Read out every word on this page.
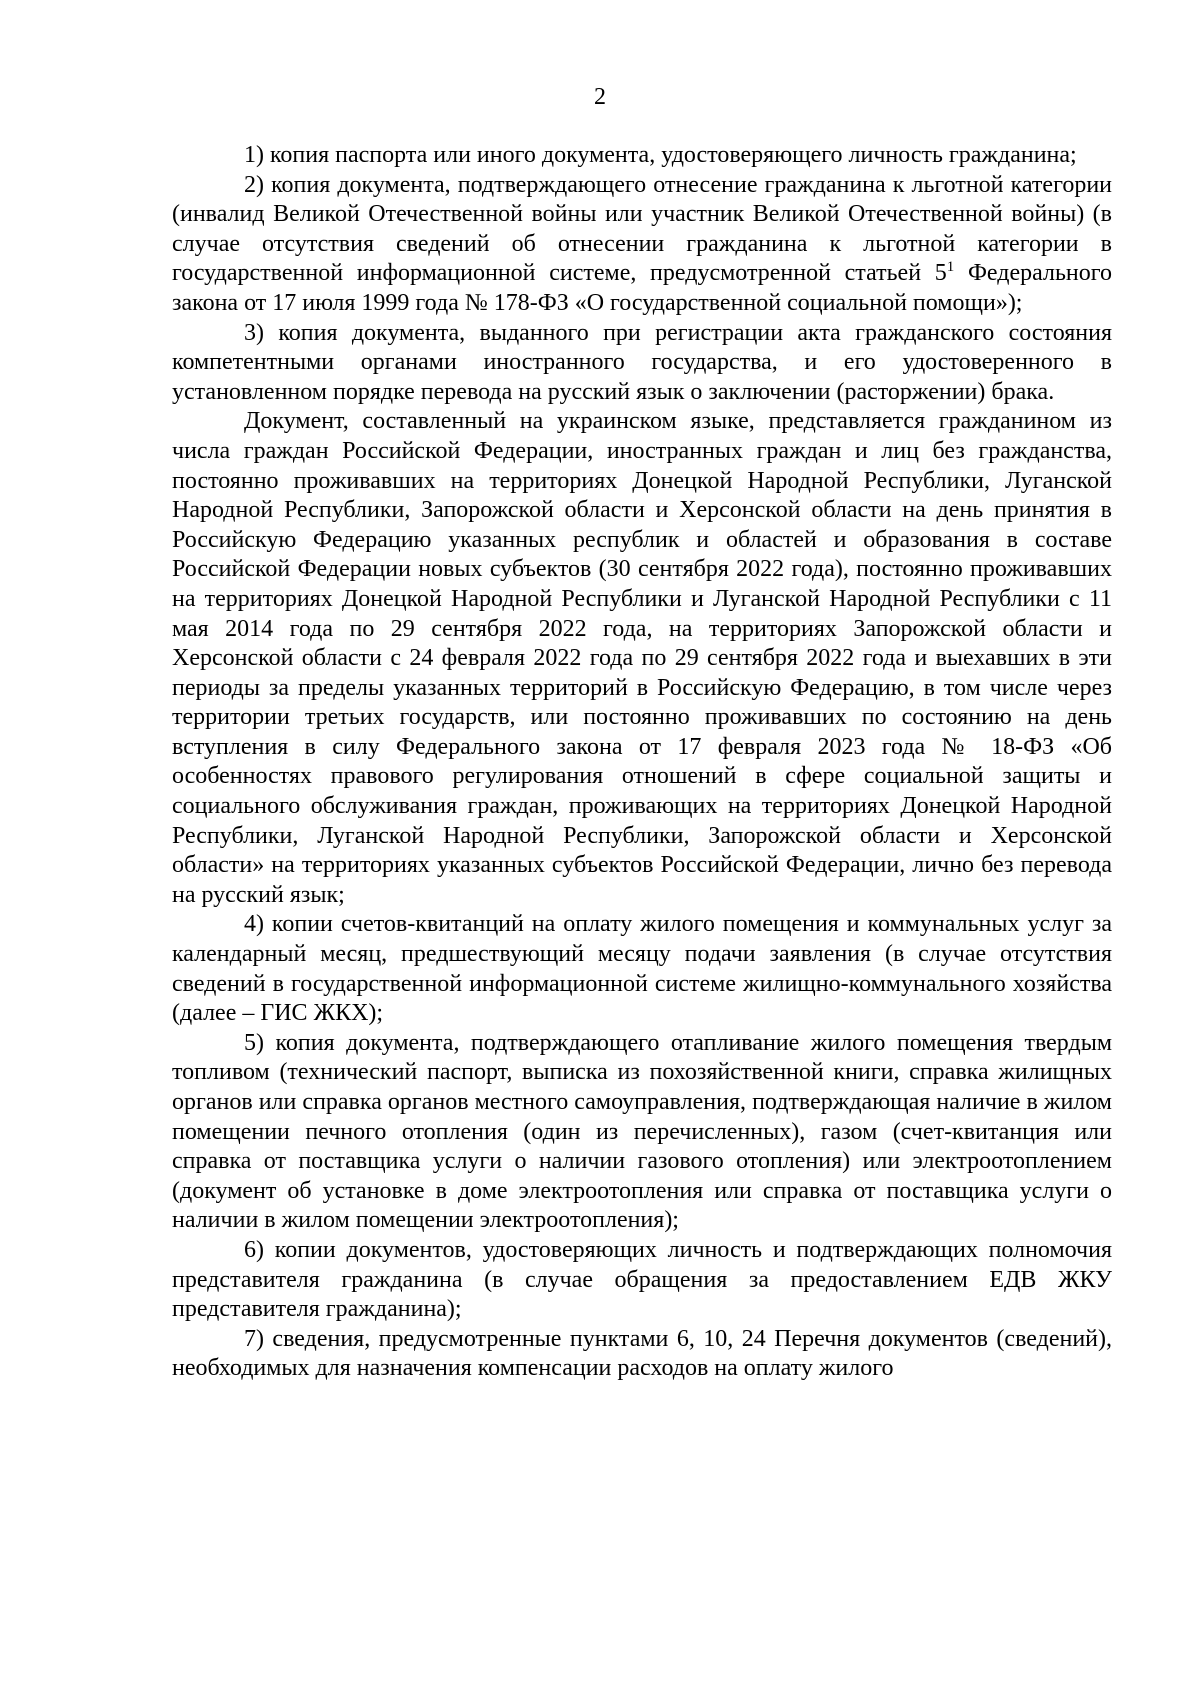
2

1) копия паспорта или иного документа, удостоверяющего личность гражданина;

2) копия документа, подтверждающего отнесение гражданина к льготной категории (инвалид Великой Отечественной войны или участник Великой Отечественной войны) (в случае отсутствия сведений об отнесении гражданина к льготной категории в государственной информационной системе, предусмотренной статьей $5^1$ Федерального закона от 17 июля 1999 года № 178-ФЗ «О государственной социальной помощи»);

3) копия документа, выданного при регистрации акта гражданского состояния компетентными органами иностранного государства, и его удостоверенного в установленном порядке перевода на русский язык о заключении (расторжении) брака.

Документ, составленный на украинском языке, представляется гражданином из числа граждан Российской Федерации, иностранных граждан и лиц без гражданства, постоянно проживавших на территориях Донецкой Народной Республики, Луганской Народной Республики, Запорожской области и Херсонской области на день принятия в Российскую Федерацию указанных республик и областей и образования в составе Российской Федерации новых субъектов (30 сентября 2022 года), постоянно проживавших на территориях Донецкой Народной Республики и Луганской Народной Республики с 11 мая 2014 года по 29 сентября 2022 года, на территориях Запорожской области и Херсонской области с 24 февраля 2022 года по 29 сентября 2022 года и выехавших в эти периоды за пределы указанных территорий в Российскую Федерацию, в том числе через территории третьих государств, или постоянно проживавших по состоянию на день вступления в силу Федерального закона от 17 февраля 2023 года № 18-ФЗ «Об особенностях правового регулирования отношений в сфере социальной защиты и социального обслуживания граждан, проживающих на территориях Донецкой Народной Республики, Луганской Народной Республики, Запорожской области и Херсонской области» на территориях указанных субъектов Российской Федерации, лично без перевода на русский язык;

4) копии счетов-квитанций на оплату жилого помещения и коммунальных услуг за календарный месяц, предшествующий месяцу подачи заявления (в случае отсутствия сведений в государственной информационной системе жилищно-коммунального хозяйства (далее – ГИС ЖКХ);

5) копия документа, подтверждающего отапливание жилого помещения твердым топливом (технический паспорт, выписка из похозяйственной книги, справка жилищных органов или справка органов местного самоуправления, подтверждающая наличие в жилом помещении печного отопления (один из перечисленных), газом (счет-квитанция или справка от поставщика услуги о наличии газового отопления) или электроотоплением (документ об установке в доме электроотопления или справка от поставщика услуги о наличии в жилом помещении электроотопления);

6) копии документов, удостоверяющих личность и подтверждающих полномочия представителя гражданина (в случае обращения за предоставлением ЕДВ ЖКУ представителя гражданина);

7) сведения, предусмотренные пунктами 6, 10, 24 Перечня документов (сведений), необходимых для назначения компенсации расходов на оплату жилого
